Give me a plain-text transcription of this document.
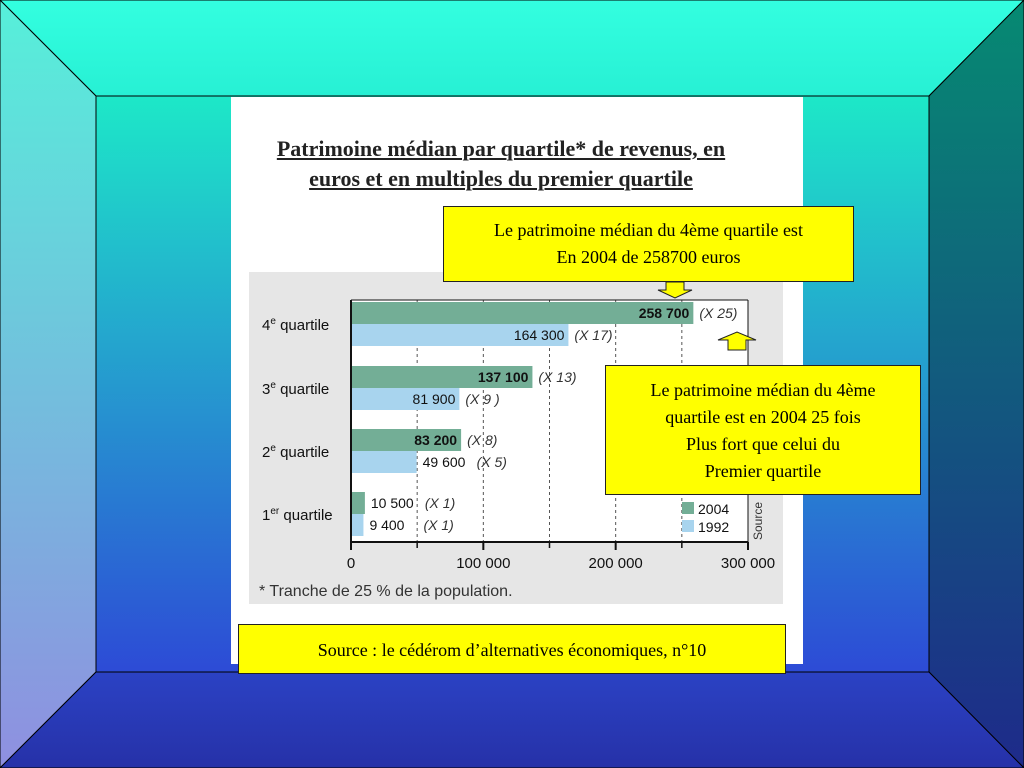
Patrimoine médian par quartile* de revenus, en
euros et en multiples du premier quartile
258 700 (X 25)
137 100 (X 13)
83 200 (X 8)
10 500 (X 1)
164 300 (X 17)
81 900 (X 9 )
49 600 (X 5)
9 400 (X 1)
4e quartile
3e quartile
2e quartile
1er quartile
0	100 000	200 000	300 000
2004
1992 Source
* Tranche de 25 % de la population.
Le patrimoine médian du 4ème quartile est
En 2004 de 258700 euros
Le patrimoine médian du 4ème
quartile est en 2004 25 fois
Plus fort que celui du
Premier quartile
Source : le cédérom d’alternatives économiques, n°10
